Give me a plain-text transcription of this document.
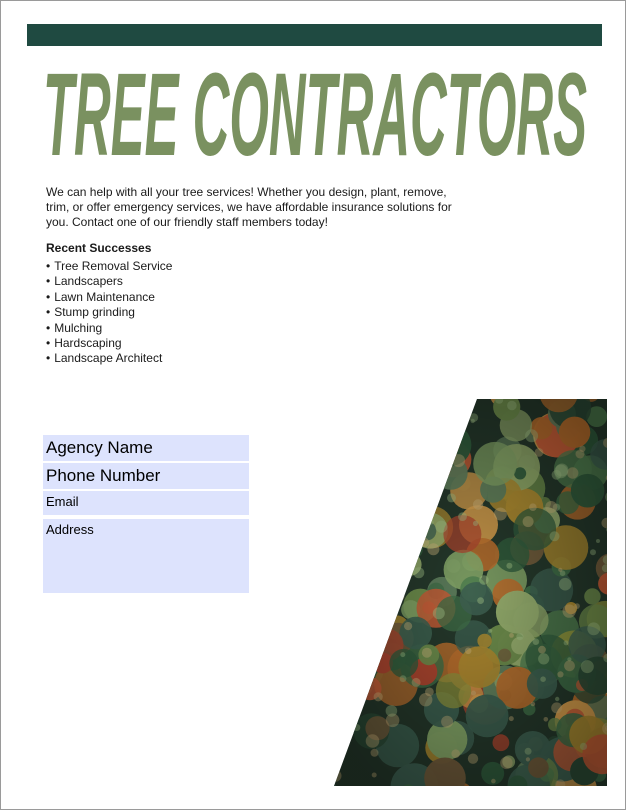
TREE CONTRACTORS

We can help with all your tree services! Whether you design, plant, remove, trim, or offer emergency services, we have affordable insurance solutions for you. Contact one of our friendly staff members today!

Recent Successes
• Tree Removal Service
• Landscapers
• Lawn Maintenance
• Stump grinding
• Mulching
• Hardscaping
• Landscape Architect
Agency Name
Phone Number
Email
Address
